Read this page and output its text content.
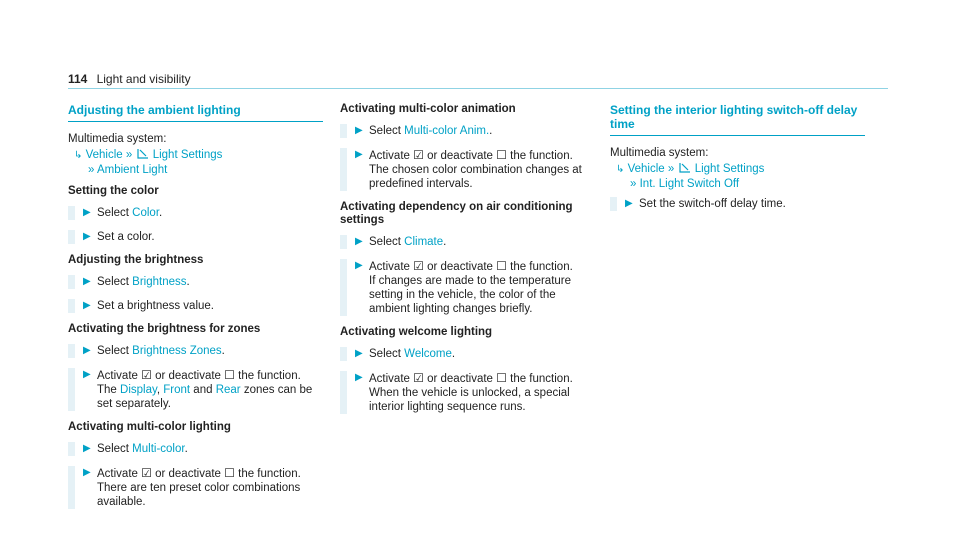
114 Light and visibility
Adjusting the ambient lighting
Multimedia system:
↳ Vehicle » Light Settings
» Ambient Light
Setting the color
▶ Select Color.
▶ Set a color.
Adjusting the brightness
▶ Select Brightness.
▶ Set a brightness value.
Activating the brightness for zones
▶ Select Brightness Zones.
▶ Activate ☑ or deactivate ☐ the function.
The Display, Front and Rear zones can be set separately.
Activating multi-color lighting
▶ Select Multi-color.
▶ Activate ☑ or deactivate ☐ the function.
There are ten preset color combinations available.
Activating multi-color animation
▶ Select Multi-color Anim..
▶ Activate ☑ or deactivate ☐ the function.
The chosen color combination changes at predefined intervals.
Activating dependency on air conditioning settings
▶ Select Climate.
▶ Activate ☑ or deactivate ☐ the function.
If changes are made to the temperature setting in the vehicle, the color of the ambient lighting changes briefly.
Activating welcome lighting
▶ Select Welcome.
▶ Activate ☑ or deactivate ☐ the function.
When the vehicle is unlocked, a special interior lighting sequence runs.
Setting the interior lighting switch-off delay time
Multimedia system:
↳ Vehicle » Light Settings
» Int. Light Switch Off
▶ Set the switch-off delay time.
